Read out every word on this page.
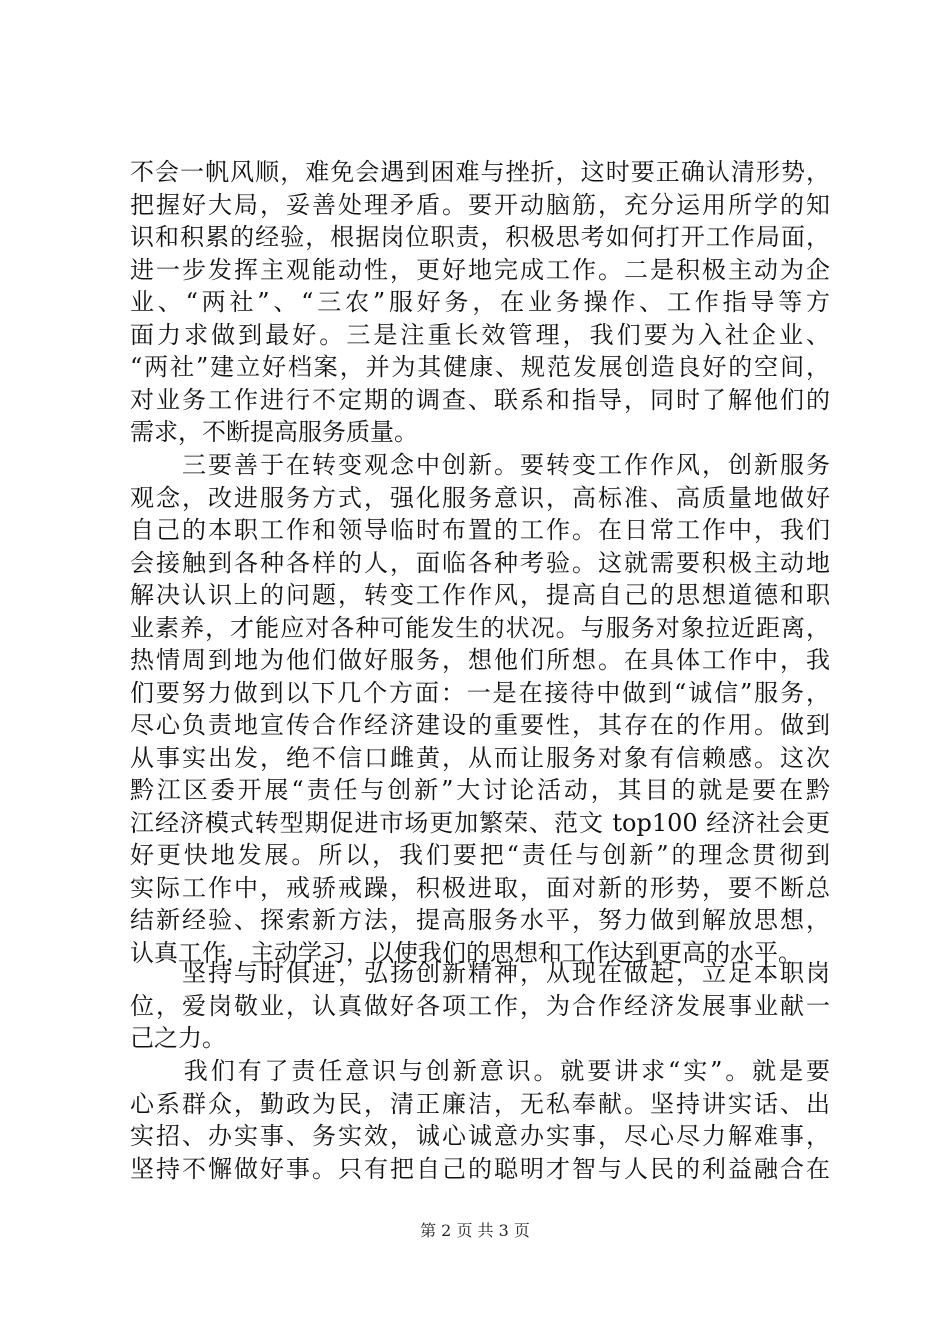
不会一帆风顺，难免会遇到困难与挫折，这时要正确认清形势，
把握好大局，妥善处理矛盾。要开动脑筋，充分运用所学的知
识和积累的经验，根据岗位职责，积极思考如何打开工作局面，
进一步发挥主观能动性，更好地完成工作。二是积极主动为企
业、“两社”、“三农”服好务，在业务操作、工作指导等方
面力求做到最好。三是注重长效管理，我们要为入社企业、
“两社”建立好档案，并为其健康、规范发展创造良好的空间，
对业务工作进行不定期的调查、联系和指导，同时了解他们的
需求，不断提高服务质量。
　　三要善于在转变观念中创新。要转变工作作风，创新服务
观念，改进服务方式，强化服务意识，高标准、高质量地做好
自己的本职工作和领导临时布置的工作。在日常工作中，我们
会接触到各种各样的人，面临各种考验。这就需要积极主动地
解决认识上的问题，转变工作作风，提高自己的思想道德和职
业素养，才能应对各种可能发生的状况。与服务对象拉近距离，
热情周到地为他们做好服务，想他们所想。在具体工作中，我
们要努力做到以下几个方面：一是在接待中做到“诚信”服务，
尽心负责地宣传合作经济建设的重要性，其存在的作用。做到
从事实出发，绝不信口雌黄，从而让服务对象有信赖感。这次
黔江区委开展“责任与创新”大讨论活动，其目的就是要在黔
江经济模式转型期促进市场更加繁荣、范文 top100 经济社会更
好更快地发展。所以，我们要把“责任与创新”的理念贯彻到
实际工作中，戒骄戒躁，积极进取，面对新的形势，要不断总
结新经验、探索新方法，提高服务水平，努力做到解放思想，
认真工作，主动学习，以使我们的思想和工作达到更高的水平。
　　坚持与时俱进，弘扬创新精神，从现在做起，立足本职岗
位，爱岗敬业，认真做好各项工作，为合作经济发展事业献一
己之力。
　　我们有了责任意识与创新意识。就要讲求“实”。就是要
心系群众，勤政为民，清正廉洁，无私奉献。坚持讲实话、出
实招、办实事、务实效，诚心诚意办实事，尽心尽力解难事，
坚持不懈做好事。只有把自己的聪明才智与人民的利益融合在
第 2 页 共 3 页
